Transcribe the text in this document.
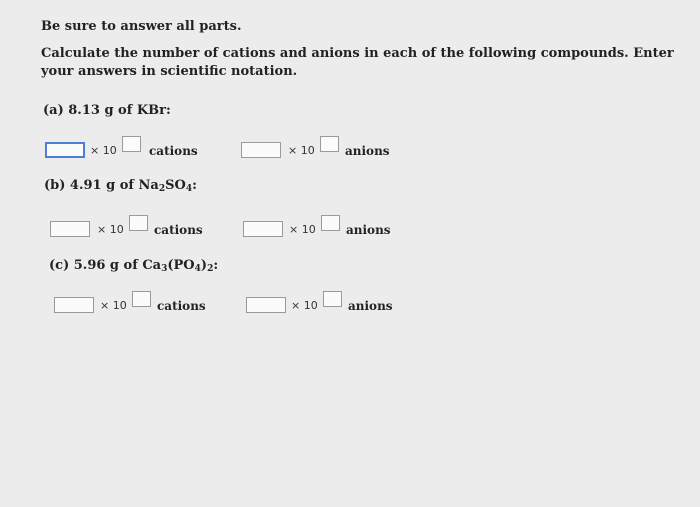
Be sure to answer all parts.
Calculate the number of cations and anions in each of the following compounds. Enter your answers in scientific notation.
(a) 8.13 g of KBr:
× 10	cations	× 10	anions
(b) 4.91 g of $Na_2SO_4$:
× 10	cations	× 10	anions
(c) 5.96 g of $Ca_3(PO_4)_2$:
× 10	cations	× 10	anions
